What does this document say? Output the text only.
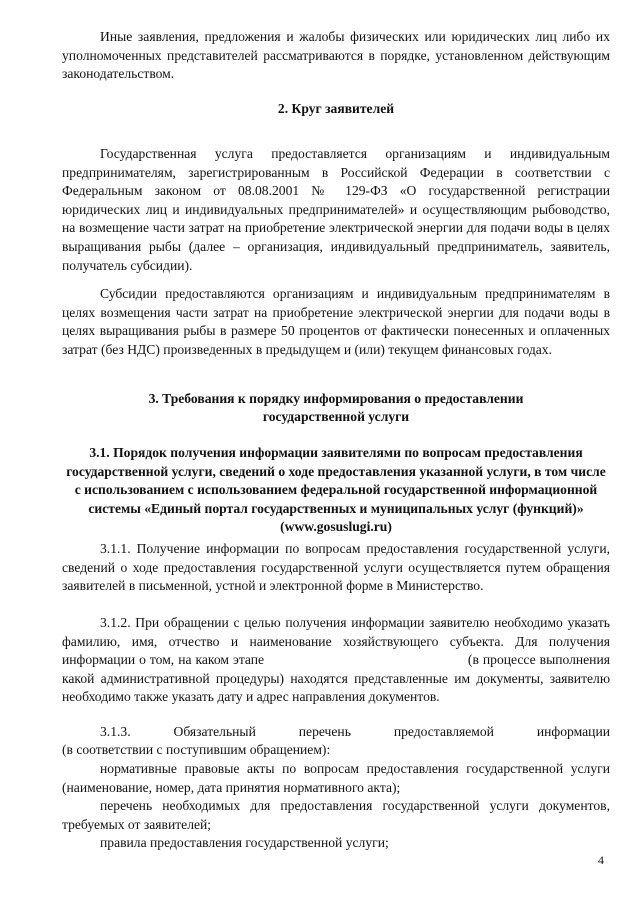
Иные заявления, предложения и жалобы физических или юридических лиц либо их уполномоченных представителей рассматриваются в порядке, установленном действующим законодательством.

2. Круг заявителей

Государственная услуга предоставляется организациям и индивидуальным предпринимателям, зарегистрированным в Российской Федерации в соответствии с Федеральным законом от 08.08.2001 № 129-ФЗ «О государственной регистрации юридических лиц и индивидуальных предпринимателей» и осуществляющим рыбоводство, на возмещение части затрат на приобретение электрической энергии для подачи воды в целях выращивания рыбы (далее – организация, индивидуальный предприниматель, заявитель, получатель субсидии).

Субсидии предоставляются организациям и индивидуальным предпринимателям в целях возмещения части затрат на приобретение электрической энергии для подачи воды в целях выращивания рыбы в размере 50 процентов от фактически понесенных и оплаченных затрат (без НДС) произведенных в предыдущем и (или) текущем финансовых годах.

3. Требования к порядку информирования о предоставлении

государственной услуги

3.1. Порядок получения информации заявителями по вопросам предоставления государственной услуги, сведений о ходе предоставления указанной услуги, в том числе с использованием с использованием федеральной государственной информационной системы «Единый портал государственных и муниципальных услуг (функций)» (www.gosuslugi.ru)

3.1.1. Получение информации по вопросам предоставления государственной услуги, сведений о ходе предоставления государственной услуги осуществляется путем обращения заявителей в письменной, устной и электронной форме в Министерство.

3.1.2. При обращении с целью получения информации заявителю необходимо указать фамилию, имя, отчество и наименование хозяйствующего субъекта. Для получения информации о том, на каком этапе                                                   (в процессе выполнения какой административной процедуры) находятся представленные им документы, заявителю необходимо также указать дату и адрес направления документов.

3.1.3. Обязательный перечень предоставляемой информации

(в соответствии с поступившим обращением):

нормативные правовые акты по вопросам предоставления государственной услуги (наименование, номер, дата принятия нормативного акта);

перечень необходимых для предоставления государственной услуги документов, требуемых от заявителей;

правила предоставления государственной услуги;

4
